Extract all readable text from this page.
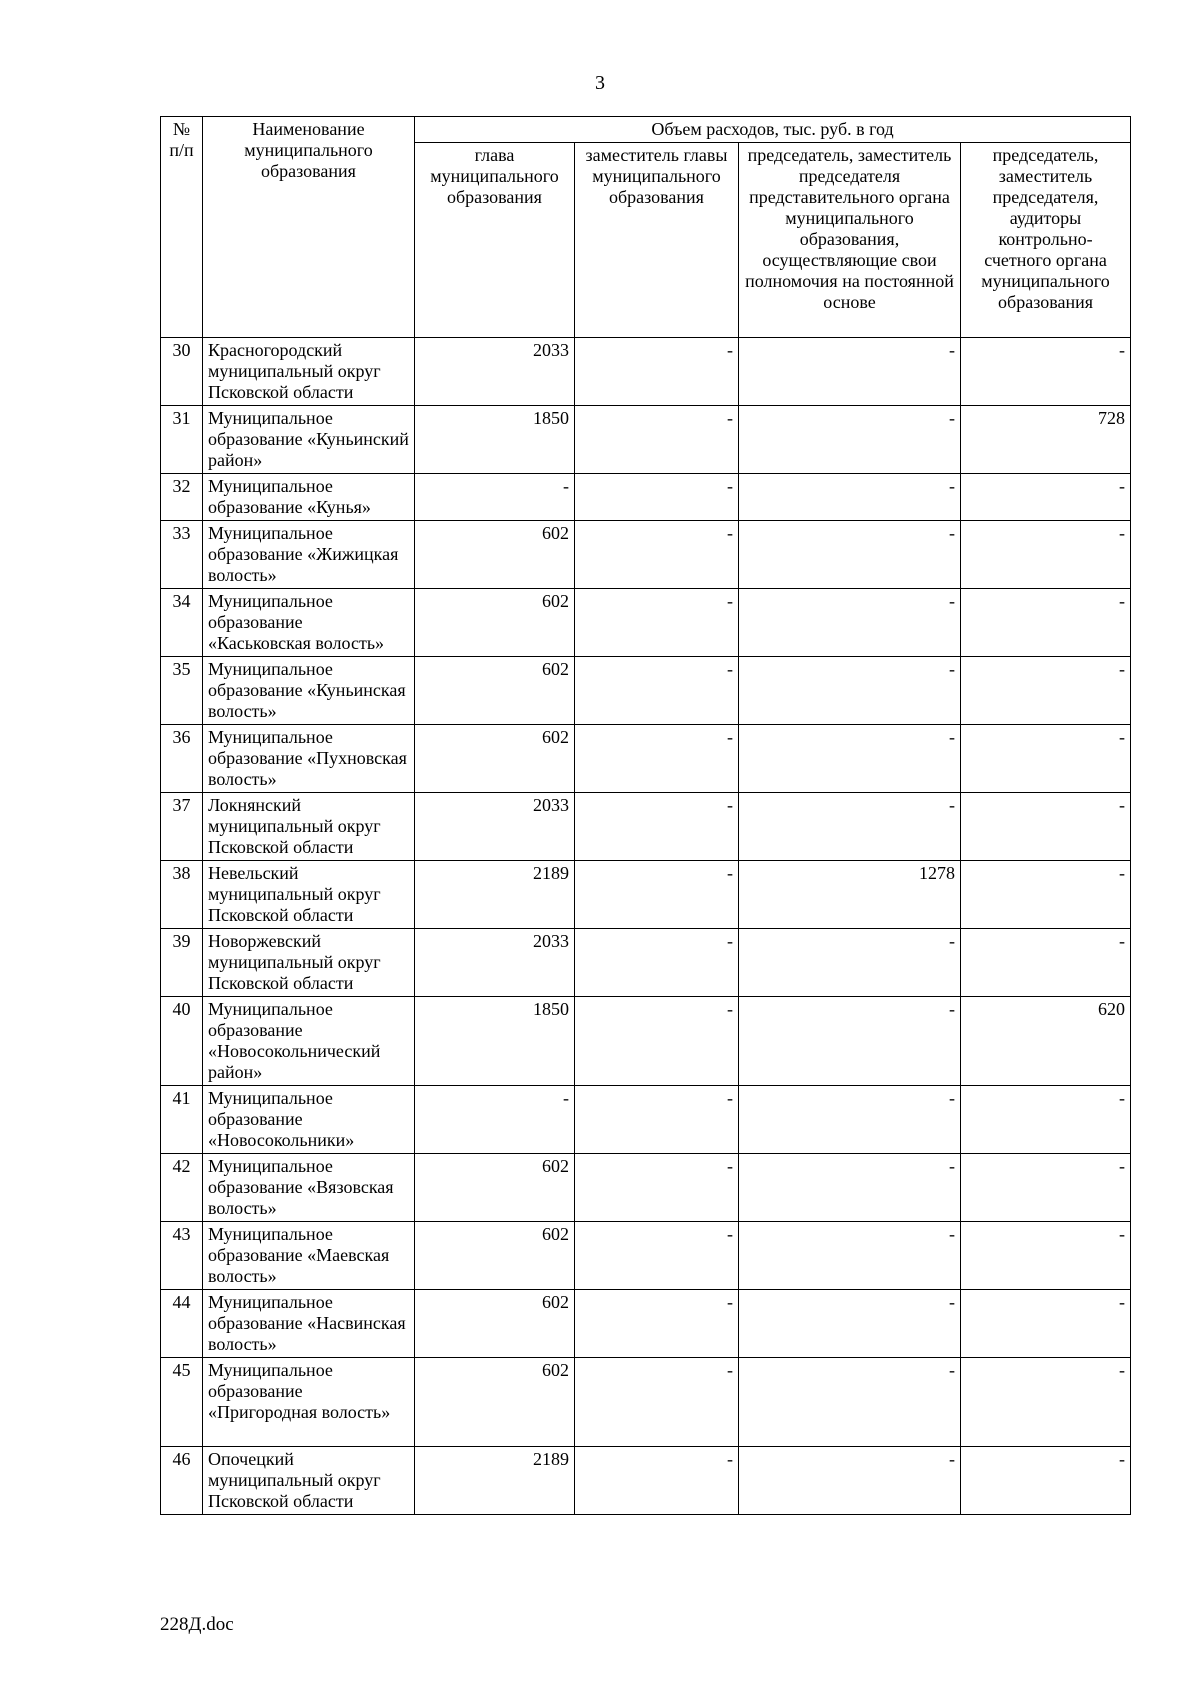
3
№ п/п	Наименование муниципального образования	Объем расходов, тыс. руб. в год			
		глава муниципального образования	заместитель главы муниципального образования	председатель, заместитель председателя представительного органа муниципального образования, осуществляющие свои полномочия на постоянной основе	председатель, заместитель председателя, аудиторы контрольно-счетного органа муниципального образования
30	Красногородский муниципальный округ Псковской области	2033	-	-	-
31	Муниципальное образование «Куньинский район»	1850	-	-	728
32	Муниципальное образование «Кунья»	-	-	-	-
33	Муниципальное образование «Жижицкая волость»	602	-	-	-
34	Муниципальное образование «Каськовская волость»	602	-	-	-
35	Муниципальное образование «Куньинская волость»	602	-	-	-
36	Муниципальное образование «Пухновская волость»	602	-	-	-
37	Локнянский муниципальный округ Псковской области	2033	-	-	-
38	Невельский муниципальный округ Псковской области	2189	-	1278	-
39	Новоржевский муниципальный округ Псковской области	2033	-	-	-
40	Муниципальное образование «Новосокольнический район»	1850	-	-	620
41	Муниципальное образование «Новосокольники»	-	-	-	-
42	Муниципальное образование «Вязовская волость»	602	-	-	-
43	Муниципальное образование «Маевская волость»	602	-	-	-
44	Муниципальное образование «Насвинская волость»	602	-	-	-
45	Муниципальное образование «Пригородная волость»	602	-	-	-
46	Опочецкий муниципальный округ Псковской области	2189	-	-	-
228Д.doc
